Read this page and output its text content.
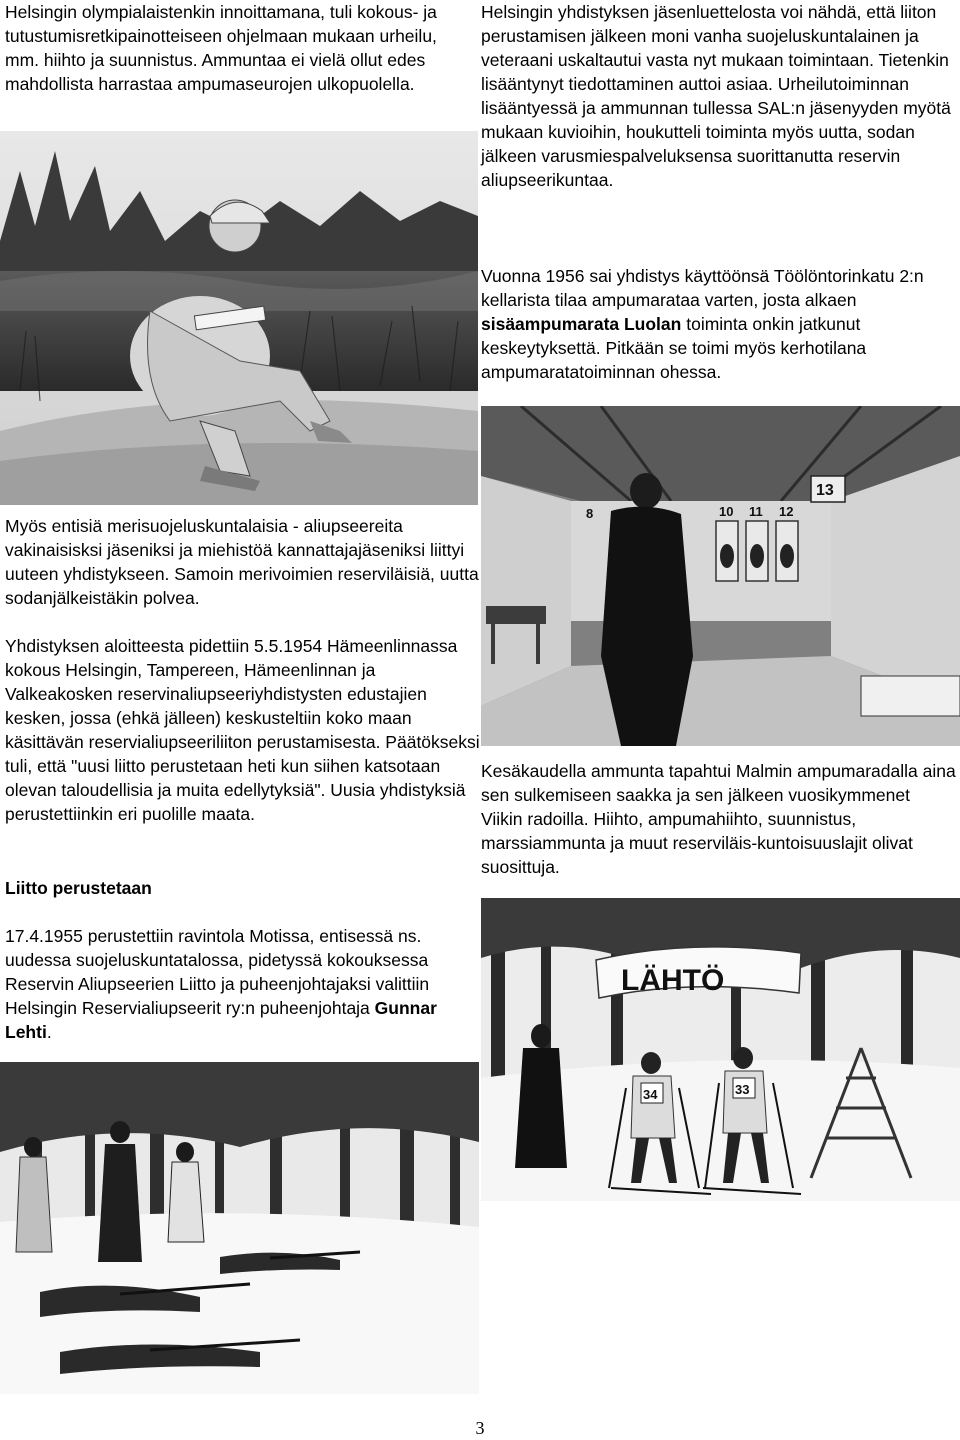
Helsingin olympialaistenkin innoittamana, tuli kokous- ja tutustumisretkipainotteiseen ohjelmaan mukaan urheilu, mm. hiihto ja suunnistus. Ammuntaa ei vielä ollut edes mahdollista harrastaa ampumaseurojen ulkopuolella.

Helsingin yhdistyksen jäsenluettelosta voi nähdä, että liiton perustamisen jälkeen moni vanha suojeluskuntalainen ja veteraani uskaltautui vasta nyt mukaan toimintaan. Tietenkin lisääntynyt tiedottaminen auttoi asiaa. Urheilutoiminnan lisääntyessä ja ammunnan tullessa SAL:n jäsenyyden myötä mukaan kuvioihin, houkutteli toiminta myös uutta, sodan jälkeen varusmiespalveluksensa suorittanutta reservin aliupseerikuntaa.

Vuonna 1956 sai yhdistys käyttöönsä Töölöntorinkatu 2:n kellarista tilaa ampumarataa varten, josta alkaen sisäampumarata Luolan toiminta onkin jatkunut keskeytyksettä. Pitkään se toimi myös kerhotilana ampumaratatoiminnan ohessa.

8	10 11 12
13

Myös entisiä merisuojeluskuntalaisia - aliupseereita vakinaisisksi jäseniksi ja miehistöä kannattajajäseniksi liittyi uuteen yhdistykseen. Samoin merivoimien reserviläisiä, uutta sodanjälkeistäkin polvea.

Yhdistyksen aloitteesta pidettiin 5.5.1954 Hämeenlinnassa kokous Helsingin, Tampereen, Hämeenlinnan ja Valkeakosken reservinaliupseeriyhdistysten edustajien kesken, jossa (ehkä jälleen) keskusteltiin koko maan käsittävän reservialiupseeriliiton perustamisesta. Päätökseksi tuli, että "uusi liitto perustetaan heti kun siihen katsotaan olevan taloudellisia ja muita edellytyksiä". Uusia yhdistyksiä perustettiinkin eri puolille maata.

Kesäkaudella ammunta tapahtui Malmin ampumaradalla aina sen sulkemiseen saakka ja sen jälkeen vuosikymmenet Viikin radoilla. Hiihto, ampumahiihto, suunnistus, marssiammunta ja muut reserviläis-kuntoisuuslajit olivat suosittuja.

Liitto perustetaan

17.4.1955 perustettiin ravintola Motissa, entisessä ns. uudessa suojeluskuntatalossa, pidetyssä kokouksessa Reservin Aliupseerien Liitto ja puheenjohtajaksi valittiin Helsingin Reservialiupseerit ry:n puheenjohtaja Gunnar Lehti.

LÄHTÖ
34	33
3
